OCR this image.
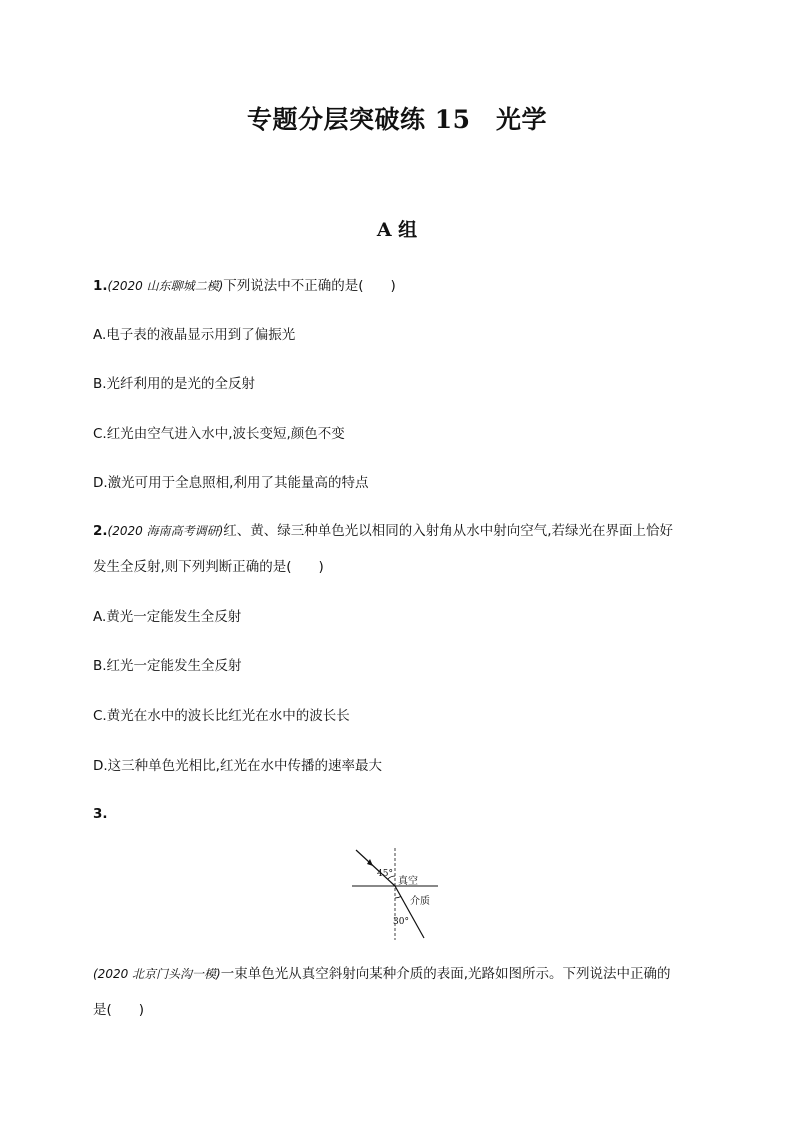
专题分层突破练 15　光学
A 组
1.(2020 山东聊城二模)下列说法中不正确的是(　　)
A.电子表的液晶显示用到了偏振光
B.光纤利用的是光的全反射
C.红光由空气进入水中,波长变短,颜色不变
D.激光可用于全息照相,利用了其能量高的特点
2.(2020 海南高考调研)红、黄、绿三种单色光以相同的入射角从水中射向空气,若绿光在界面上恰好
发生全反射,则下列判断正确的是(　　)
A.黄光一定能发生全反射
B.红光一定能发生全反射
C.黄光在水中的波长比红光在水中的波长长
D.这三种单色光相比,红光在水中传播的速率最大
3.
45°
真空
介质
30°
(2020 北京门头沟一模)一束单色光从真空斜射向某种介质的表面,光路如图所示。下列说法中正确的
是(　　)
